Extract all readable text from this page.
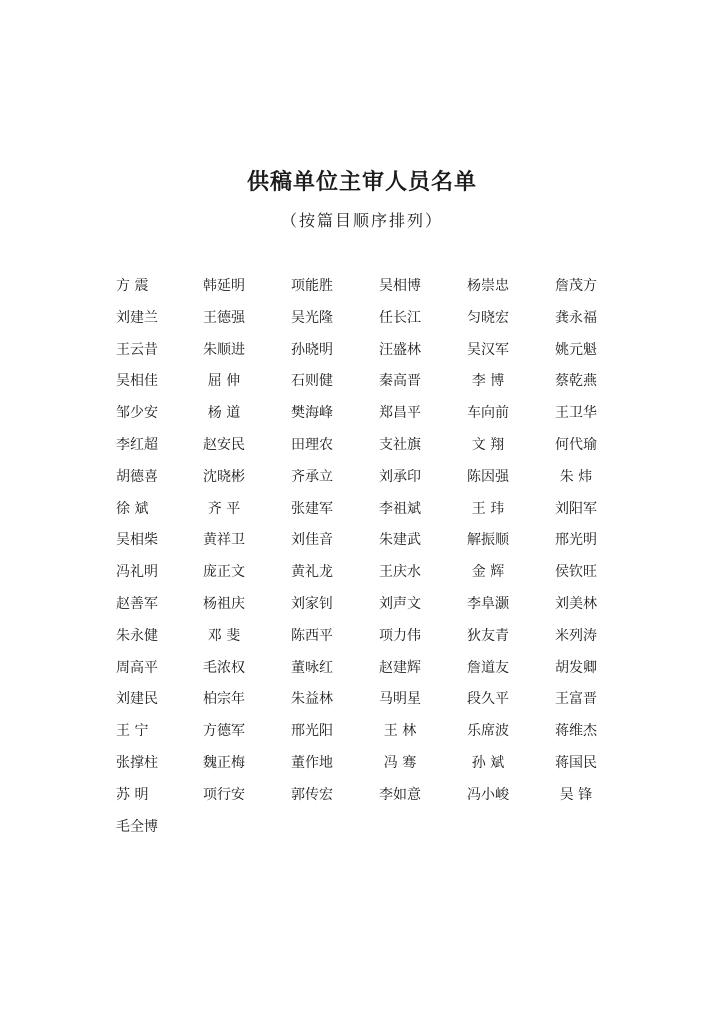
供稿单位主审人员名单
（按篇目顺序排列）
方 震	韩延明	项能胜	吴相博	杨崇忠	詹茂方
刘建兰	王德强	吴光隆	任长江	匀晓宏	龚永福
王云昔	朱顺进	孙晓明	汪盛林	吴汉军	姚元魁
吴相佳	屈 伸	石则健	秦高晋	李 博	蔡乾燕
邹少安	杨 道	樊海峰	郑昌平	车向前	王卫华
李红超	赵安民	田理农	支社旗	文 翔	何代瑜
胡德喜	沈晓彬	齐承立	刘承印	陈因强	朱 炜
徐 斌	齐 平	张建军	李祖斌	王 玮	刘阳军
吴相柴	黄祥卫	刘佳音	朱建武	解振顺	邢光明
冯礼明	庞正文	黄礼龙	王庆水	金 辉	侯钦旺
赵善军	杨祖庆	刘家钊	刘声文	李阜灏	刘美林
朱永健	邓 斐	陈西平	项力伟	狄友青	米列涛
周高平	毛浓权	董咏红	赵建辉	詹道友	胡发卿
刘建民	柏宗年	朱益林	马明星	段久平	王富晋
王 宁	方德军	邢光阳	王 林	乐席波	蒋维杰
张撑柱	魏正梅	董作地	冯 骞	孙 斌	蒋国民
苏 明	项行安	郭传宏	李如意	冯小峻	吴 锋
毛全博
